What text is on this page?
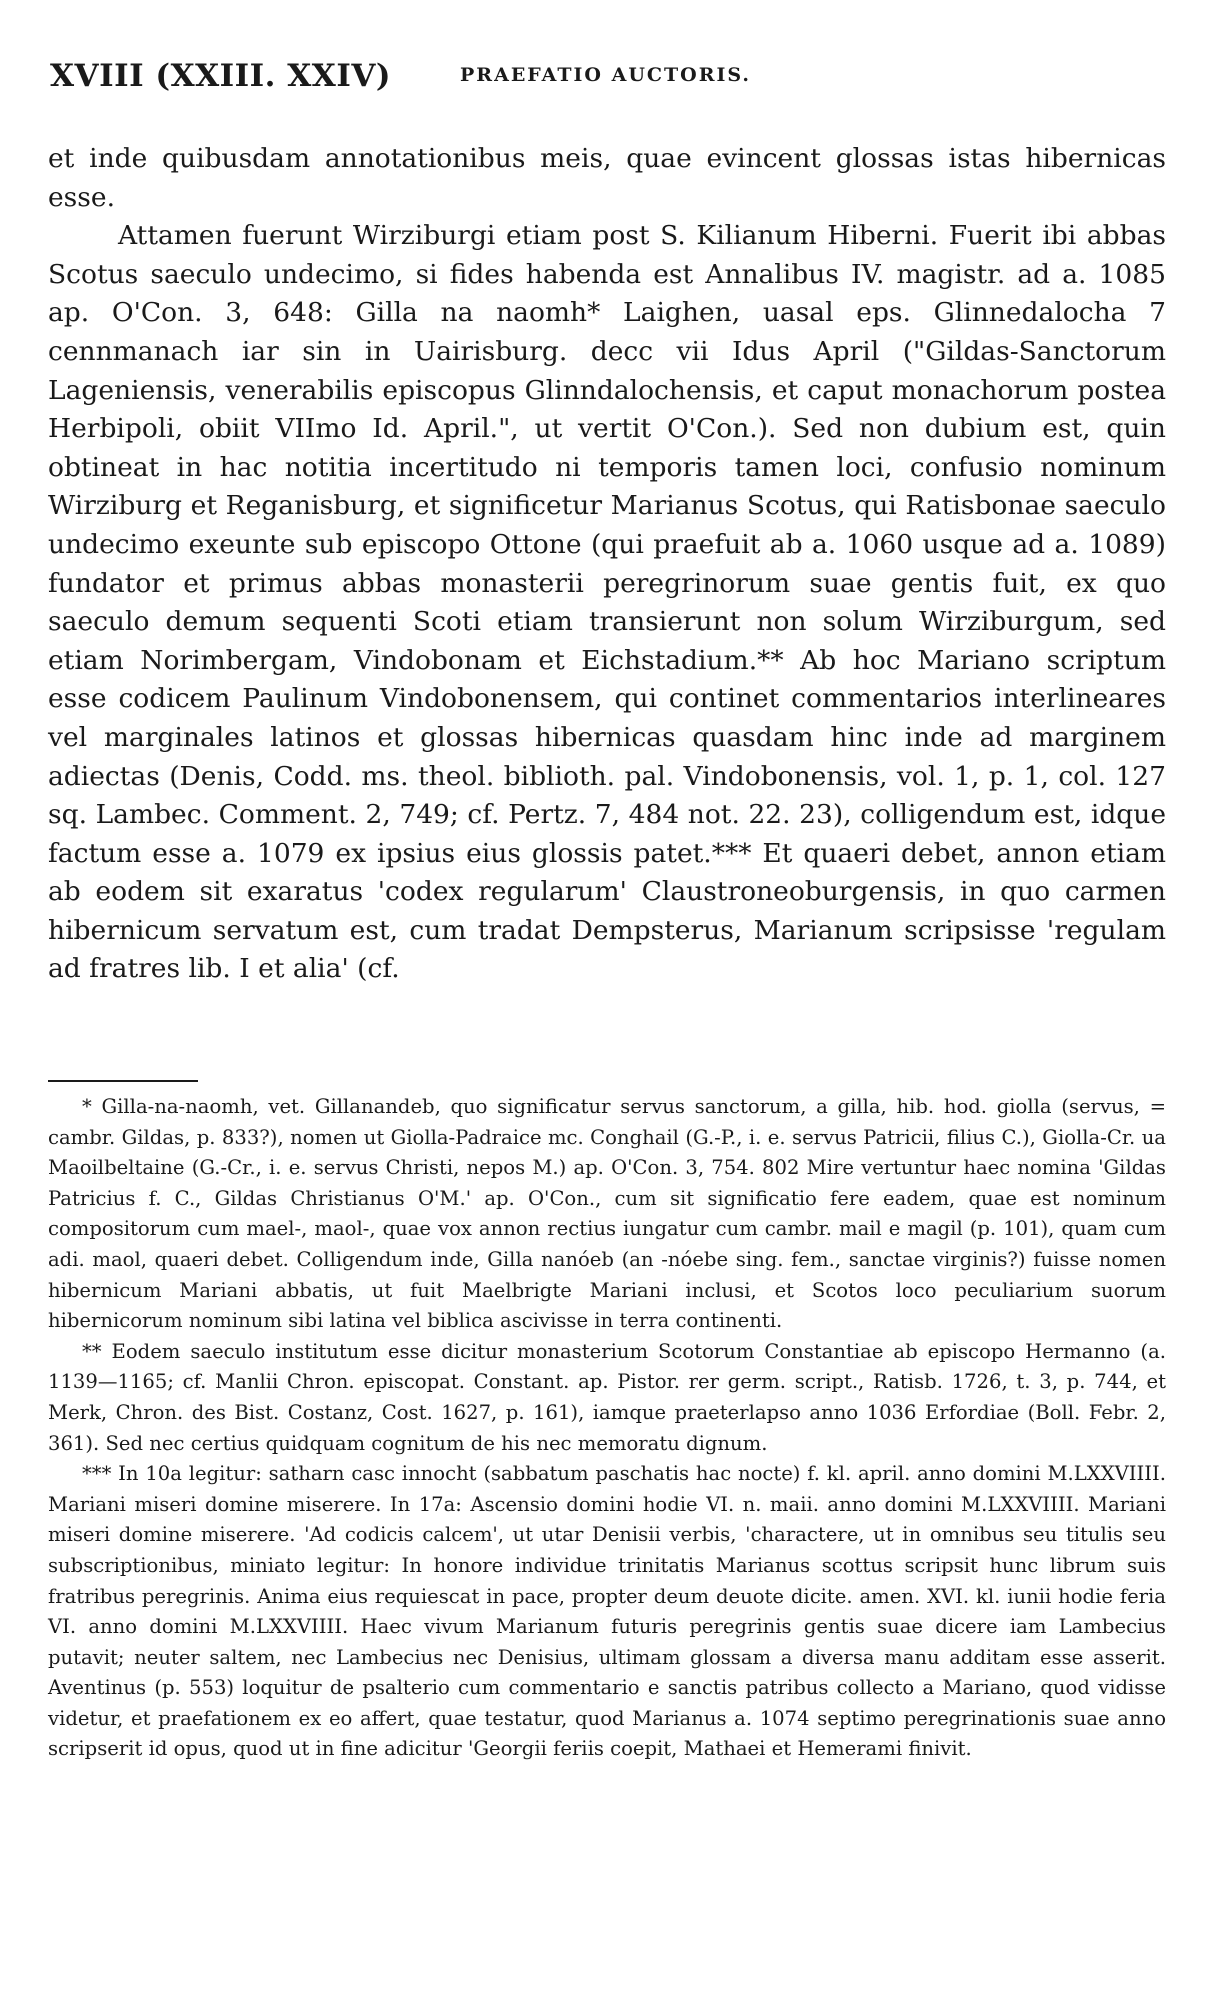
XVIII (XXIII. XXIV)	PRAEFATIO AUCTORIS.

et inde quibusdam annotationibus meis, quae evincent glossas istas hibernicas esse.

Attamen fuerunt Wirziburgi etiam post S. Kilianum Hiberni. Fuerit ibi abbas Scotus saeculo undecimo, si fides habenda est Annalibus IV. magistr. ad a. 1085 ap. O'Con. 3, 648: Gilla na naomh* Laighen, uasal eps. Glinnedalocha 7 cennmanach iar sin in Uairisburg. decc vii Idus April ("Gildas-Sanctorum Lageniensis, venerabilis episcopus Glinndalochensis, et caput monachorum postea Herbipoli, obiit VIImo Id. April.", ut vertit O'Con.). Sed non dubium est, quin obtineat in hac notitia incertitudo ni temporis tamen loci, confusio nominum Wirziburg et Reganisburg, et significetur Marianus Scotus, qui Ratisbonae saeculo undecimo exeunte sub episcopo Ottone (qui praefuit ab a. 1060 usque ad a. 1089) fundator et primus abbas monasterii peregrinorum suae gentis fuit, ex quo saeculo demum sequenti Scoti etiam transierunt non solum Wirziburgum, sed etiam Norimbergam, Vindobonam et Eichstadium.** Ab hoc Mariano scriptum esse codicem Paulinum Vindobonensem, qui continet commentarios interlineares vel marginales latinos et glossas hibernicas quasdam hinc inde ad marginem adiectas (Denis, Codd. ms. theol. biblioth. pal. Vindobonensis, vol. 1, p. 1, col. 127 sq. Lambec. Comment. 2, 749; cf. Pertz. 7, 484 not. 22. 23), colligendum est, idque factum esse a. 1079 ex ipsius eius glossis patet.*** Et quaeri debet, annon etiam ab eodem sit exaratus 'codex regularum' Claustroneoburgensis, in quo carmen hibernicum servatum est, cum tradat Dempsterus, Marianum scripsisse 'regulam ad fratres lib. I et alia' (cf.

* Gilla-na-naomh, vet. Gillanandeb, quo significatur servus sanctorum, a gilla, hib. hod. giolla (servus, = cambr. Gildas, p. 833?), nomen ut Giolla-Padraice mc. Conghail (G.-P., i. e. servus Patricii, filius C.), Giolla-Cr. ua Maoilbeltaine (G.-Cr., i. e. servus Christi, nepos M.) ap. O'Con. 3, 754. 802 Mire vertuntur haec nomina 'Gildas Patricius f. C., Gildas Christianus O'M.' ap. O'Con., cum sit significatio fere eadem, quae est nominum compositorum cum mael-, maol-, quae vox annon rectius iungatur cum cambr. mail e magil (p. 101), quam cum adi. maol, quaeri debet. Colligendum inde, Gilla nanóeb (an -nóebe sing. fem., sanctae virginis?) fuisse nomen hibernicum Mariani abbatis, ut fuit Maelbrigte Mariani inclusi, et Scotos loco peculiarium suorum hibernicorum nominum sibi latina vel biblica ascivisse in terra continenti.

** Eodem saeculo institutum esse dicitur monasterium Scotorum Constantiae ab episcopo Hermanno (a. 1139—1165; cf. Manlii Chron. episcopat. Constant. ap. Pistor. rer germ. script., Ratisb. 1726, t. 3, p. 744, et Merk, Chron. des Bist. Costanz, Cost. 1627, p. 161), iamque praeterlapso anno 1036 Erfordiae (Boll. Febr. 2, 361). Sed nec certius quidquam cognitum de his nec memoratu dignum.

*** In 10a legitur: satharn casc innocht (sabbatum paschatis hac nocte) f. kl. april. anno domini M.LXXVIIII. Mariani miseri domine miserere. In 17a: Ascensio domini hodie VI. n. maii. anno domini M.LXXVIIII. Mariani miseri domine miserere. 'Ad codicis calcem', ut utar Denisii verbis, 'charactere, ut in omnibus seu titulis seu subscriptionibus, miniato legitur: In honore individue trinitatis Marianus scottus scripsit hunc librum suis fratribus peregrinis. Anima eius requiescat in pace, propter deum deuote dicite. amen. XVI. kl. iunii hodie feria VI. anno domini M.LXXVIIII. Haec vivum Marianum futuris peregrinis gentis suae dicere iam Lambecius putavit; neuter saltem, nec Lambecius nec Denisius, ultimam glossam a diversa manu additam esse asserit. Aventinus (p. 553) loquitur de psalterio cum commentario e sanctis patribus collecto a Mariano, quod vidisse videtur, et praefationem ex eo affert, quae testatur, quod Marianus a. 1074 septimo peregrinationis suae anno scripserit id opus, quod ut in fine adicitur 'Georgii feriis coepit, Mathaei et Hemerami finivit.
